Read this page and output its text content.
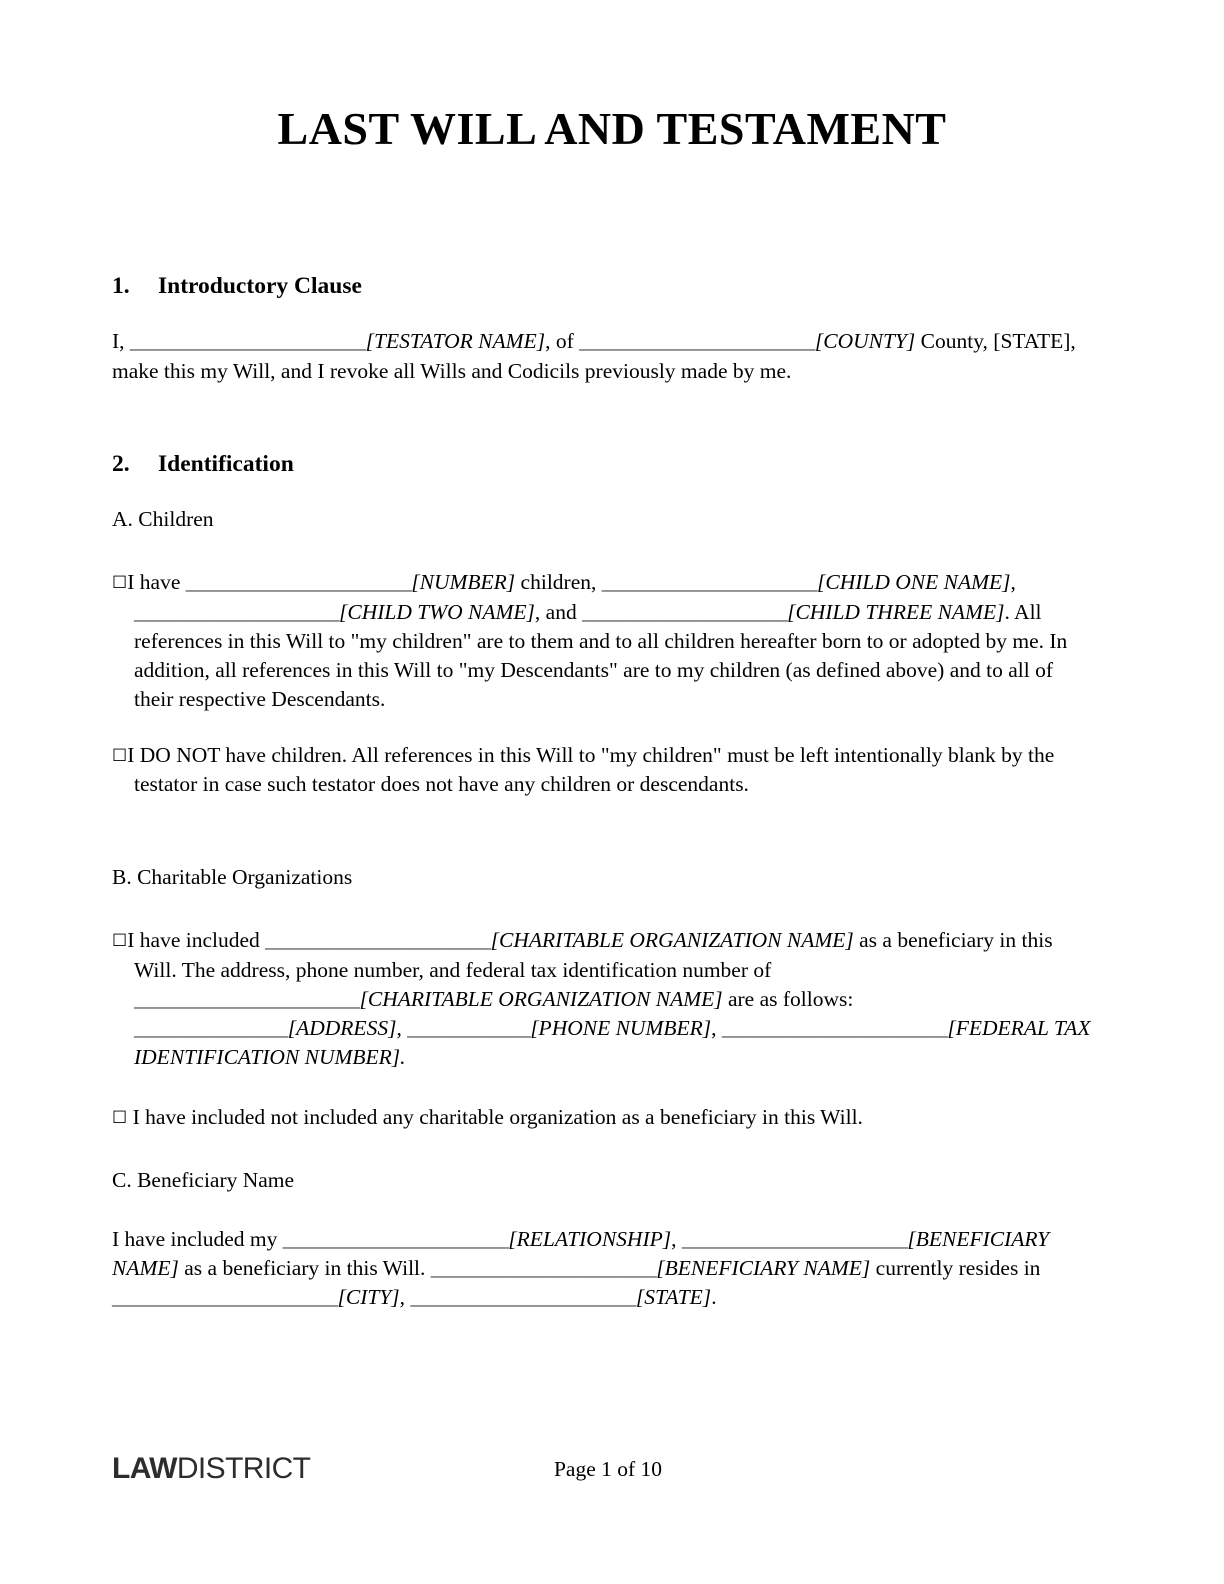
LAST WILL AND TESTAMENT
1.	Introductory Clause

I, _______________________[TESTATOR NAME], of _______________________[COUNTY] County, [STATE], make this my Will, and I revoke all Wills and Codicils previously made by me.

2.	Identification
A. Children

☐I have ______________________[NUMBER] children, _____________________[CHILD ONE NAME], ____________________[CHILD TWO NAME], and ____________________[CHILD THREE NAME]. All references in this Will to "my children" are to them and to all children hereafter born to or adopted by me. In addition, all references in this Will to "my Descendants" are to my children (as defined above) and to all of their respective Descendants.

☐I DO NOT have children. All references in this Will to "my children" must be left intentionally blank by the testator in case such testator does not have any children or descendants.

B. Charitable Organizations

☐I have included ______________________[CHARITABLE ORGANIZATION NAME] as a beneficiary in this Will. The address, phone number, and federal tax identification number of ______________________[CHARITABLE ORGANIZATION NAME] are as follows: _______________[ADDRESS], ____________[PHONE NUMBER], ______________________[FEDERAL TAX IDENTIFICATION NUMBER].

☐ I have included not included any charitable organization as a beneficiary in this Will.

C. Beneficiary Name

I have included my ______________________[RELATIONSHIP], ______________________[BENEFICIARY NAME] as a beneficiary in this Will. ______________________[BENEFICIARY NAME] currently resides in ______________________[CITY], ______________________[STATE].

LAWDISTRICT	Page 1 of 10
